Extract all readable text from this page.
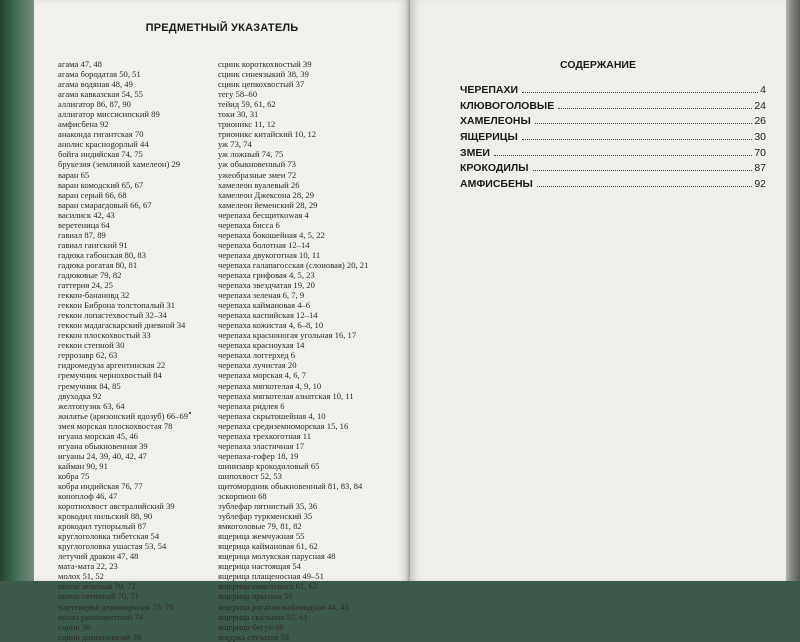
ПРЕДМЕТНЫЙ УКАЗАТЕЛЬ
агама 47, 48
агама бородатая 50, 51
агама водяная 48, 49
агама кавказская 54, 55
аллигатор 86, 87, 90
аллигатор миссисипский 89
амфисбена 92
анаконда гигантская 70
анолис краснogорлый 44
бойга индийская 74, 75
брукезия (земляной хамелеон) 29
варан 65
варан комодский 65, 67
варан серый 66, 68
варан смарагдовый 66, 67
василиск 42, 43
веретеница 64
гавиал 87, 89
гавиал гангский 91
гадюка габонская 80, 83
гадюка рогатая 80, 81
гадюковые 79, 82
гаттерия 24, 25
геккон-банановд 32
геккон Биброна толстопалый 31
геккон лопастехвостый 32–34
геккон мадагаскарский дневной 34
геккон плоскохвостый 33
геккон степной 30
геррозавр 62, 63
гидромедуза аргентинская 22
гремучник чернохвостый 84
гремучник 84, 85
двуходка 92
желтопузик 63, 64
жилатье (аризонский ядозуб) 66–69
змея морская плоскохвостая 78
игуана морская 45, 46
игуана обыкновенная 39
игуаны 24, 39, 40, 42, 47
кайман 90, 91
кобра 75
кобра индийская 76, 77
коноплоф 46, 47
коротнохвост австралийский 39
крокодил нильский 88, 90
крокодил тупорылый 87
круглоголовка тибетская 54
круглоголовка ушастая 53, 54
летучий дракон 47, 48
мата-мата 22, 23
молох 51, 52
питон зеленый 70, 72
питон сетчатый 70, 71
плетевидка длиннорылая 75, 76
полоз разноцветный 74
сцинк 36
сцинк длинноногий 39
сцинк короткохвостый 39
сцинк синеязыкий 38, 39
сцинк цепкохвостый 37
тегу 58–60
тейид 59, 61, 62
токи 30, 31
трионикс 11, 12
трионикс китайский 10, 12
уж 73, 74
уж ложный 74, 75
уж обыкновенный 73
ужеобразные змеи 72
хамелеон вуалевый 26
хамелеон Джексона 28, 29
хамелеон йеменский 28, 29
черепаха бесщиткowая 4
черепаха бисса 6
черепаха бокошейная 4, 5, 22
черепаха болотная 12–14
черепаха двукоготная 10, 11
черепаха галапагосская (слоновая) 20, 21
черепаха грифовая 4, 5, 23
черепаха звездчатая 19, 20
черепаха зеленая 6, 7, 9
черепаха каймановая 4–6
черепаха каспийская 12–14
черепаха кожистая 4, 6–8, 10
черепаха красноногая угольная 16, 17
черепаха красноухая 14
черепаха логгерхед 6
черепаха лучистая 20
черепаха морская 4, 6, 7
черепаха мягкотелая 4, 9, 10
черепаха мягкотелая азиатская 10, 11
черепаха ридлея 6
черепаха скрытошейная 4, 10
черепаха средиземноморская 15, 16
черепаха трехкоготная 11
черепаха эластичная 17
черепаха-гофер 18, 19
шинизавр крокодиловый 65
шипохвост 52, 53
щитомордник обыкновенный 81, 83, 84
эскорпион 68
эублефар пятнистый 35, 36
эублефар туркменский 35
ямкоголовые 79, 81, 82
ящерица жемчужная 55
ящерица каймановая 61, 62
ящерица молукская парусная 48
ящерица настоящая 54
ящерица плащеносная 49–51
ящерица-поясохвост 61, 62
ящерица прыткая 56
ящерица рогатая жабовидная 44, 45
ящерица скальная 57, 61
ящерица-бегун 60
ящурка сетчатая 58
СОДЕРЖАНИЕ
ЧЕРЕПАХИ	4
КЛЮВОГОЛОВЫЕ	24
ХАМЕЛЕОНЫ	26
ЯЩЕРИЦЫ	30
ЗМЕИ	70
КРОКОДИЛЫ	87
АМФИСБЕНЫ	92
